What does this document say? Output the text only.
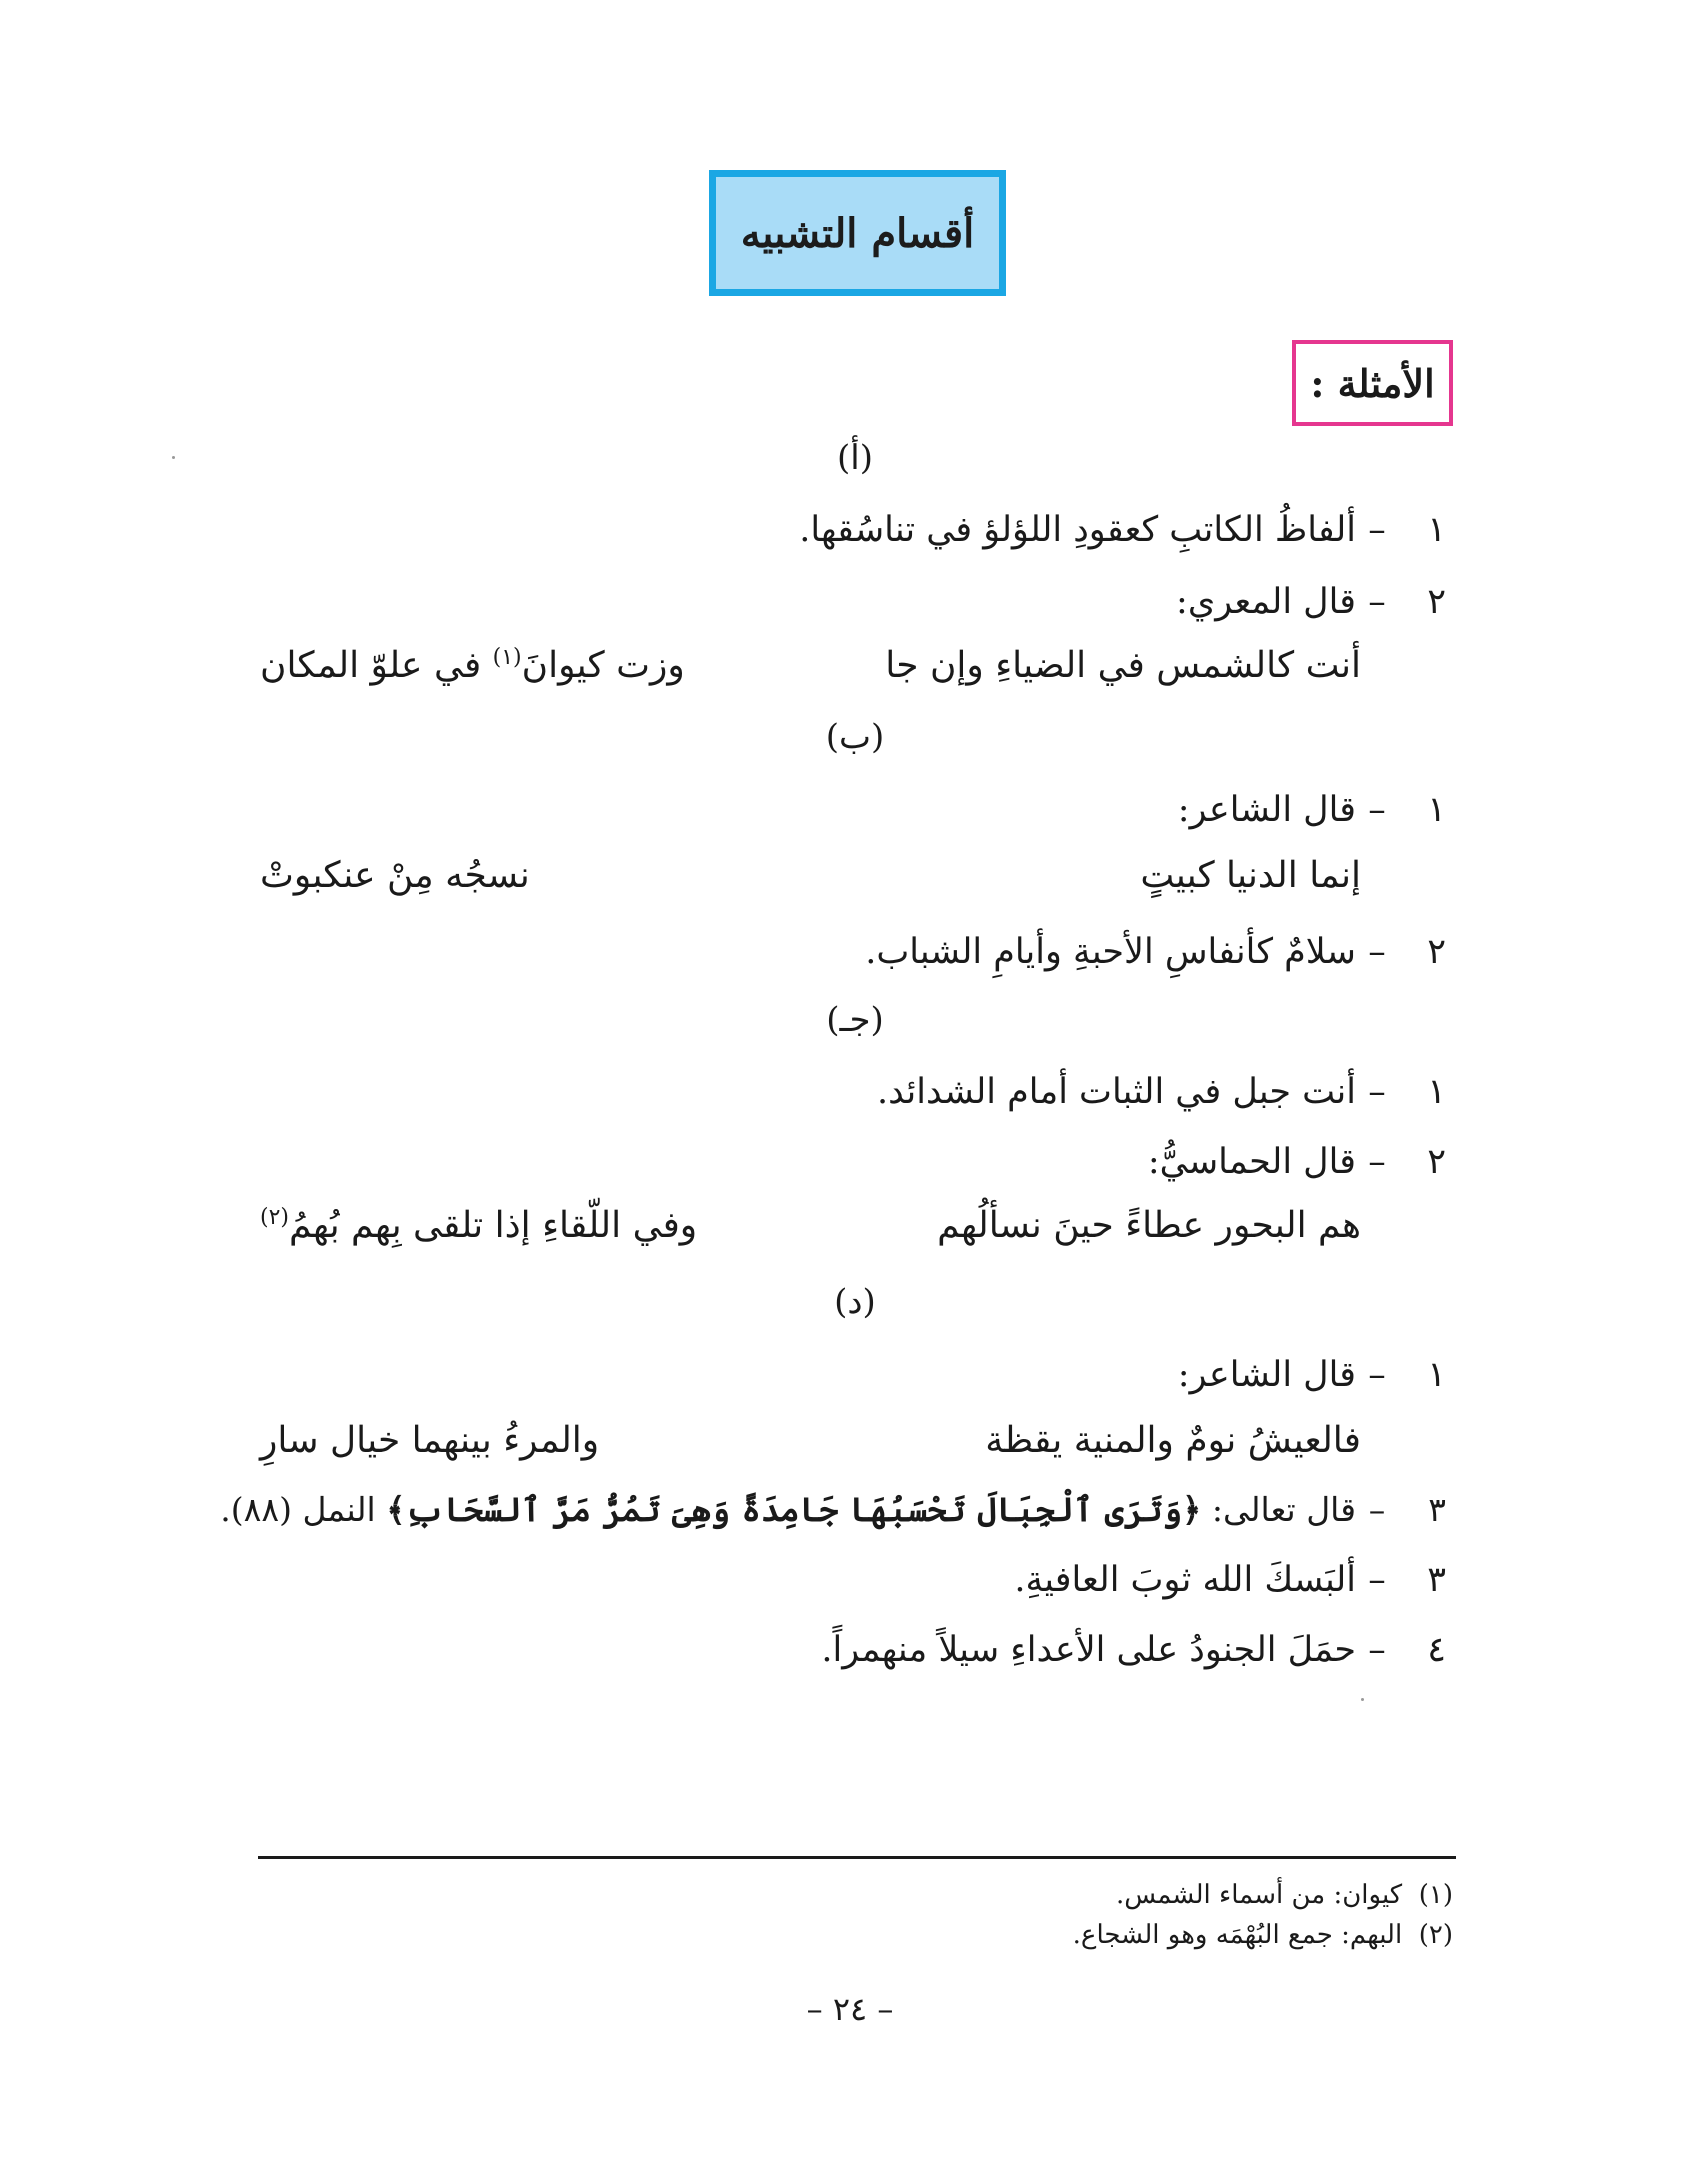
أقسام التشبيه
الأمثلة :
(أ)
١–ألفاظُ الكاتبِ كعقودِ اللؤلؤ في تناسُقها.
٢–قال المعري:
أنت كالشمس في الضياءِ وإن جا
وزت كيوانَ$^{(١)}$ في علوّ المكان
(ب)
١–قال الشاعر:
إنما الدنيا كبيتٍ
نسجُه مِنْ عنكبوتْ
٢–سلامٌ كأنفاسِ الأحبةِ وأيامِ الشباب.
(جـ)
١–أنت جبل في الثبات أمام الشدائد.
٢–قال الحماسيُّ:
هم البحور عطاءً حينَ نسألُهم
وفي اللّقاءِ إذا تلقى بِهم بُهمُ$^{(٢)}$
(د)
١–قال الشاعر:
فالعيشُ نومٌ والمنية يقظة
والمرءُ بينهما خيال سارِ
٣–قال تعالى: ﴿وَتَرَى ٱلْجِبَالَ تَحْسَبُهَا جَامِدَةً وَهِىَ تَمُرُّ مَرَّ ٱلسَّحَابِ﴾ النمل (٨٨).
٣–ألبَسكَ الله ثوبَ العافيةِ.
٤–حمَلَ الجنودُ على الأعداءِ سيلاً منهمراً.
(١)  كيوان: من أسماء الشمس.
(٢)  البهم: جمع البُهْمَه وهو الشجاع.
– ٢٤ –
